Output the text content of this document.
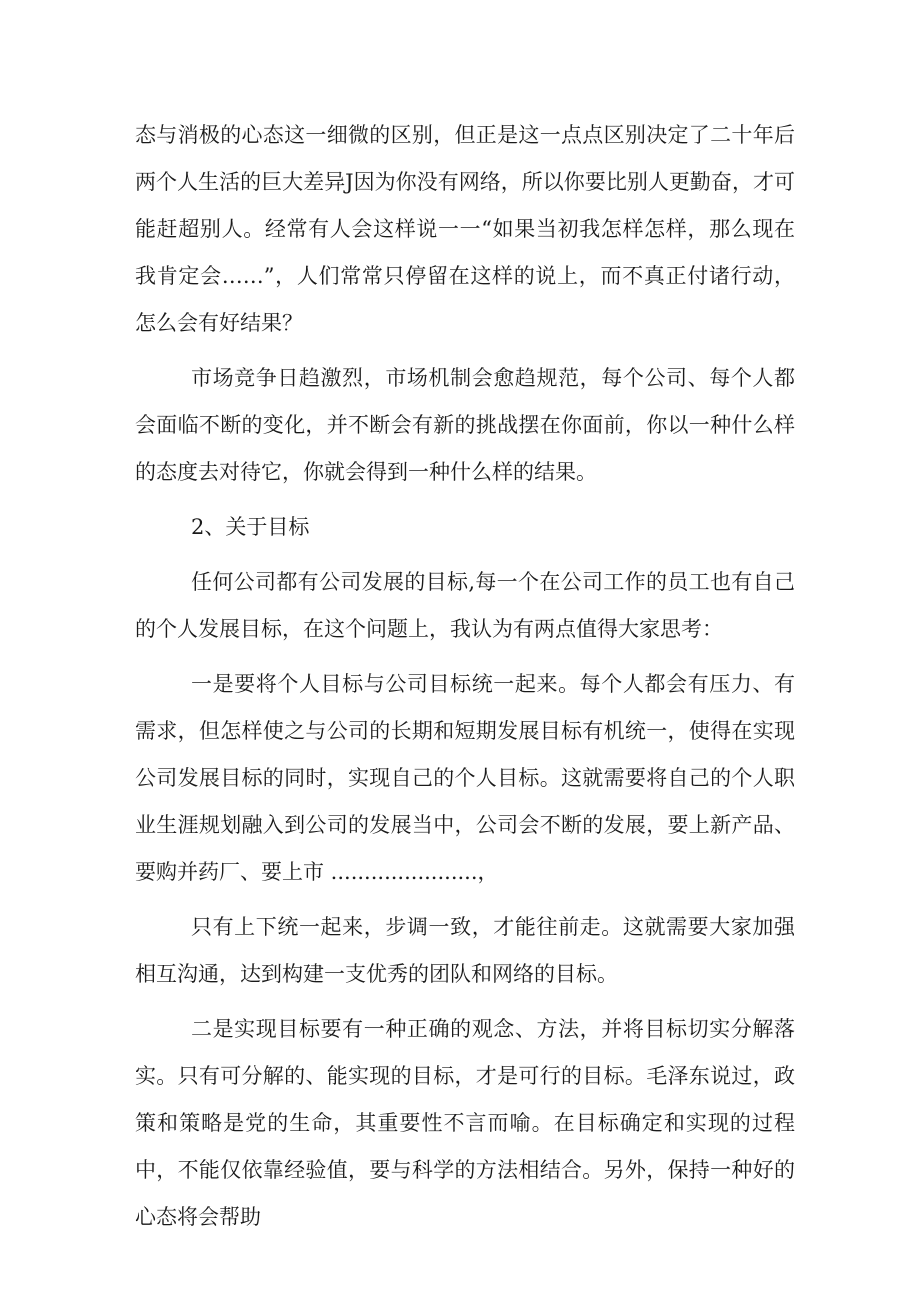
态与消极的心态这一细微的区别，但正是这一点点区别决定了二十年后两个人生活的巨大差异J因为你没有网络，所以你要比别人更勤奋，才可能赶超别人。经常有人会这样说一一“如果当初我怎样怎样，那么现在我肯定会……”，人们常常只停留在这样的说上，而不真正付诸行动，怎么会有好结果？

市场竞争日趋激烈，市场机制会愈趋规范，每个公司、每个人都会面临不断的变化，并不断会有新的挑战摆在你面前，你以一种什么样的态度去对待它，你就会得到一种什么样的结果。

2、关于目标

任何公司都有公司发展的目标,每一个在公司工作的员工也有自己的个人发展目标，在这个问题上，我认为有两点值得大家思考：

一是要将个人目标与公司目标统一起来。每个人都会有压力、有需求，但怎样使之与公司的长期和短期发展目标有机统一，使得在实现公司发展目标的同时，实现自己的个人目标。这就需要将自己的个人职业生涯规划融入到公司的发展当中，公司会不断的发展，要上新产品、要购并药厂、要上市 ......................，

只有上下统一起来，步调一致，才能往前走。这就需要大家加强相互沟通，达到构建一支优秀的团队和网络的目标。

二是实现目标要有一种正确的观念、方法，并将目标切实分解落实。只有可分解的、能实现的目标，才是可行的目标。毛泽东说过，政策和策略是党的生命，其重要性不言而喻。在目标确定和实现的过程中，不能仅依靠经验值，要与科学的方法相结合。另外，保持一种好的心态将会帮助
